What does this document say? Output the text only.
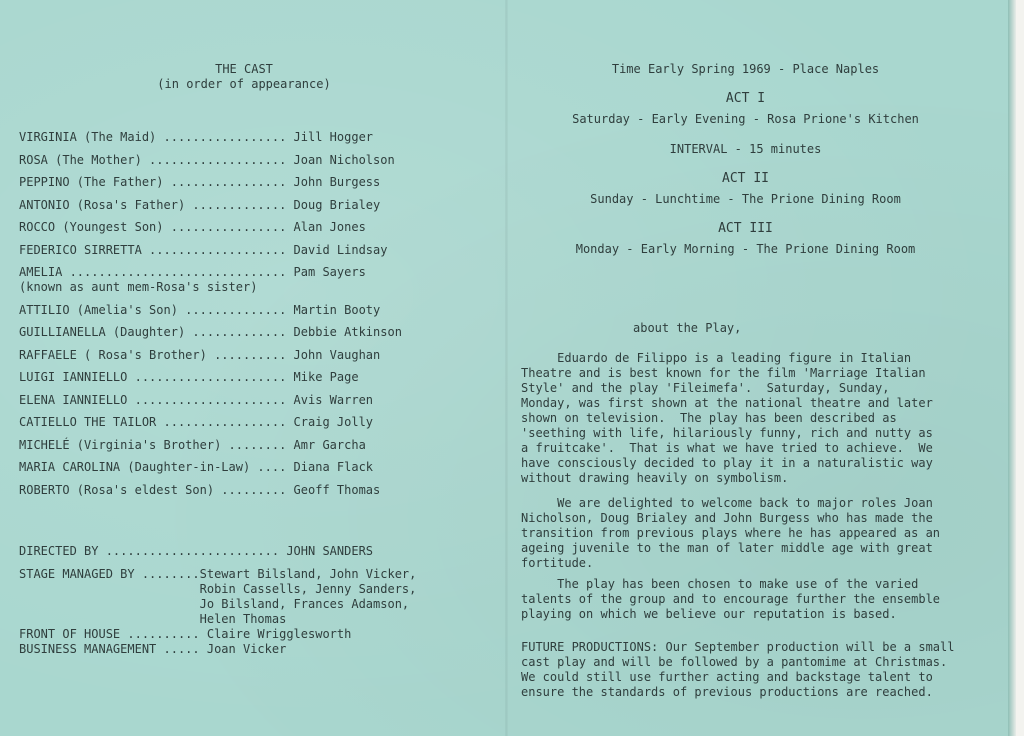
THE CAST
(in order of appearance)
VIRGINIA (The Maid) ................. Jill Hogger
ROSA (The Mother) ................... Joan Nicholson
PEPPINO (The Father) ................ John Burgess
ANTONIO (Rosa's Father) ............. Doug Brialey
ROCCO (Youngest Son) ................ Alan Jones
FEDERICO SIRRETTA ................... David Lindsay
AMELIA .............................. Pam Sayers
(known as aunt mem-Rosa's sister)
ATTILIO (Amelia's Son) .............. Martin Booty
GUILLIANELLA (Daughter) ............. Debbie Atkinson
RAFFAELE ( Rosa's Brother) .......... John Vaughan
LUIGI IANNIELLO ..................... Mike Page
ELENA IANNIELLO ..................... Avis Warren
CATIELLO THE TAILOR ................. Craig Jolly
MICHELÉ (Virginia's Brother) ........ Amr Garcha
MARIA CAROLINA (Daughter-in-Law) .... Diana Flack
ROBERTO (Rosa's eldest Son) ......... Geoff Thomas
DIRECTED BY ........................ JOHN SANDERS
STAGE MANAGED BY ........Stewart Bilsland, John Vicker,
Robin Cassells, Jenny Sanders,
Jo Bilsland, Frances Adamson,
Helen Thomas
FRONT OF HOUSE .......... Claire Wrigglesworth
BUSINESS MANAGEMENT ..... Joan Vicker
Time Early Spring 1969 - Place Naples
ACT I
Saturday - Early Evening - Rosa Prione's Kitchen
INTERVAL - 15 minutes
ACT II
Sunday - Lunchtime - The Prione Dining Room
ACT III
Monday - Early Morning - The Prione Dining Room
about the Play,
Eduardo de Filippo is a leading figure in Italian
Theatre and is best known for the film 'Marriage Italian
Style' and the play 'Fileimefa'.  Saturday, Sunday,
Monday, was first shown at the national theatre and later
shown on television.  The play has been described as
'seething with life, hilariously funny, rich and nutty as
a fruitcake'.  That is what we have tried to achieve.  We
have consciously decided to play it in a naturalistic way
without drawing heavily on symbolism.
We are delighted to welcome back to major roles Joan
Nicholson, Doug Brialey and John Burgess who has made the
transition from previous plays where he has appeared as an
ageing juvenile to the man of later middle age with great
fortitude.
The play has been chosen to make use of the varied
talents of the group and to encourage further the ensemble
playing on which we believe our reputation is based.
FUTURE PRODUCTIONS: Our September production will be a small
cast play and will be followed by a pantomime at Christmas.
We could still use further acting and backstage talent to
ensure the standards of previous productions are reached.
